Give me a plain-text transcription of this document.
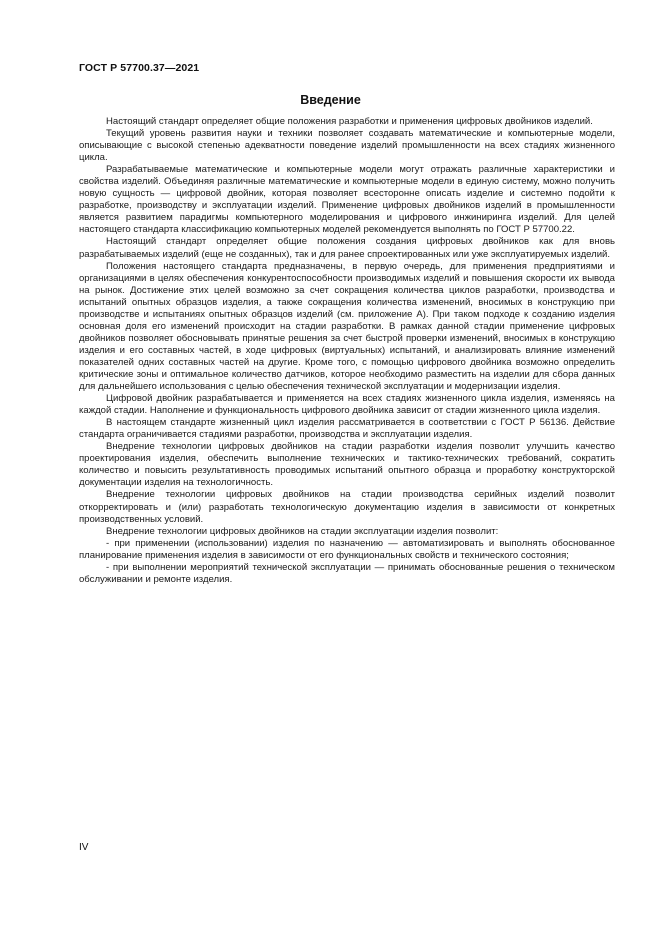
ГОСТ Р 57700.37—2021
Введение

Настоящий стандарт определяет общие положения разработки и применения цифровых двойников изделий.

Текущий уровень развития науки и техники позволяет создавать математические и компьютерные модели, описывающие с высокой степенью адекватности поведение изделий промышленности на всех стадиях жизненного цикла.

Разрабатываемые математические и компьютерные модели могут отражать различные характеристики и свойства изделий. Объединяя различные математические и компьютерные модели в единую систему, можно получить новую сущность — цифровой двойник, которая позволяет всесторонне описать изделие и системно подойти к разработке, производству и эксплуатации изделий. Применение цифровых двойников изделий в промышленности является развитием парадигмы компьютерного моделирования и цифрового инжиниринга изделий. Для целей настоящего стандарта классификацию компьютерных моделей рекомендуется выполнять по ГОСТ Р 57700.22.

Настоящий стандарт определяет общие положения создания цифровых двойников как для вновь разрабатываемых изделий (еще не созданных), так и для ранее спроектированных или уже эксплуатируемых изделий.

Положения настоящего стандарта предназначены, в первую очередь, для применения предприятиями и организациями в целях обеспечения конкурентоспособности производимых изделий и повышения скорости их вывода на рынок. Достижение этих целей возможно за счет сокращения количества циклов разработки, производства и испытаний опытных образцов изделия, а также сокращения количества изменений, вносимых в конструкцию при производстве и испытаниях опытных образцов изделий (см. приложение А). При таком подходе к созданию изделия основная доля его изменений происходит на стадии разработки. В рамках данной стадии применение цифровых двойников позволяет обосновывать принятые решения за счет быстрой проверки изменений, вносимых в конструкцию изделия и его составных частей, в ходе цифровых (виртуальных) испытаний, и анализировать влияние изменений показателей одних составных частей на другие. Кроме того, с помощью цифрового двойника возможно определить критические зоны и оптимальное количество датчиков, которое необходимо разместить на изделии для сбора данных для дальнейшего использования с целью обеспечения технической эксплуатации и модернизации изделия.

Цифровой двойник разрабатывается и применяется на всех стадиях жизненного цикла изделия, изменяясь на каждой стадии. Наполнение и функциональность цифрового двойника зависит от стадии жизненного цикла изделия.

В настоящем стандарте жизненный цикл изделия рассматривается в соответствии с ГОСТ Р 56136. Действие стандарта ограничивается стадиями разработки, производства и эксплуатации изделия.

Внедрение технологии цифровых двойников на стадии разработки изделия позволит улучшить качество проектирования изделия, обеспечить выполнение технических и тактико-технических требований, сократить количество и повысить результативность проводимых испытаний опытного образца и проработку конструкторской документации изделия на технологичность.

Внедрение технологии цифровых двойников на стадии производства серийных изделий позволит откорректировать и (или) разработать технологическую документацию изделия в зависимости от конкретных производственных условий.

Внедрение технологии цифровых двойников на стадии эксплуатации изделия позволит:

- при применении (использовании) изделия по назначению — автоматизировать и выполнять обоснованное планирование применения изделия в зависимости от его функциональных свойств и технического состояния;

- при выполнении мероприятий технической эксплуатации — принимать обоснованные решения о техническом обслуживании и ремонте изделия.

IV
